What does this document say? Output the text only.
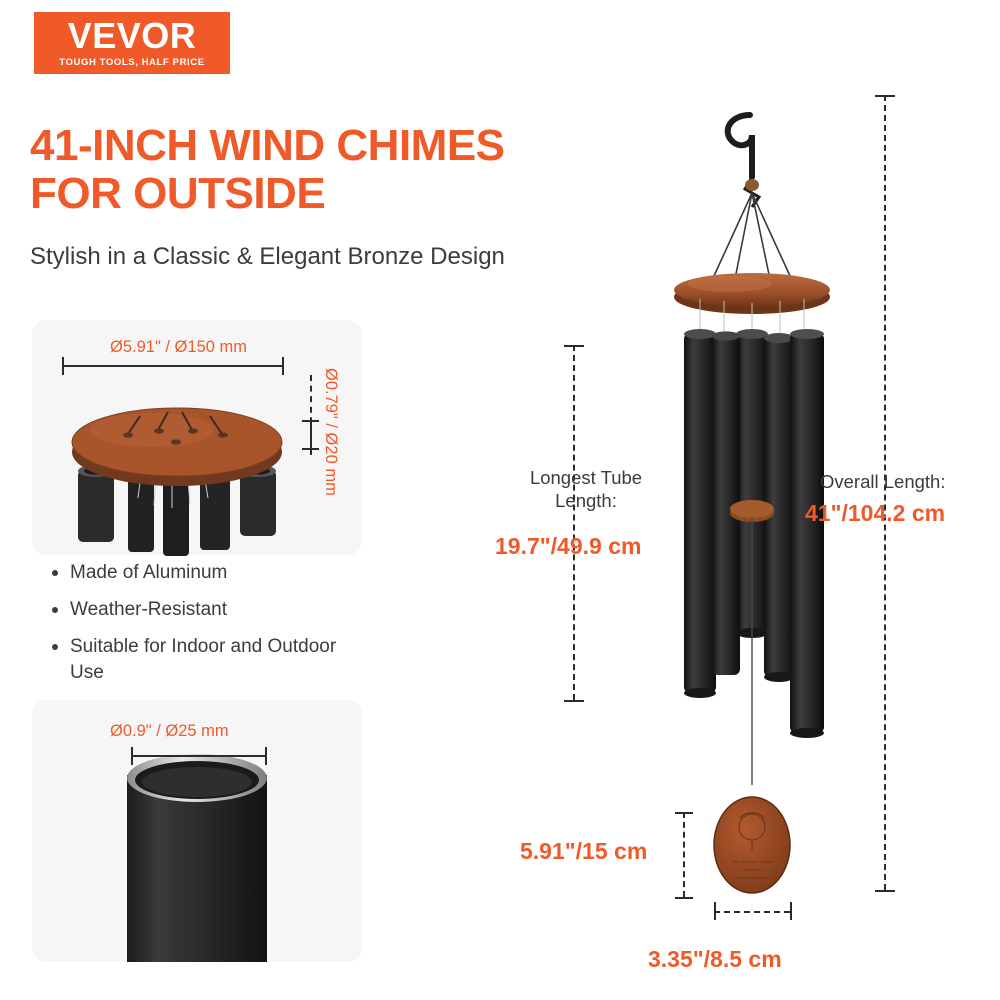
VEVOR
TOUGH TOOLS, HALF PRICE
41-INCH WIND CHIMES
FOR OUTSIDE
Stylish in a Classic & Elegant Bronze Design
Ø5.91" / Ø150 mm
Ø0.79" / Ø20 mm
Made of Aluminum
Weather-Resistant
Suitable for Indoor and Outdoor Use
Ø0.9" / Ø25 mm
May the gentle chimes
bring you
endless happiness
Longest Tube
Length:
19.7"/49.9 cm
Overall Length:
41"/104.2 cm
5.91"/15 cm
3.35"/8.5 cm
